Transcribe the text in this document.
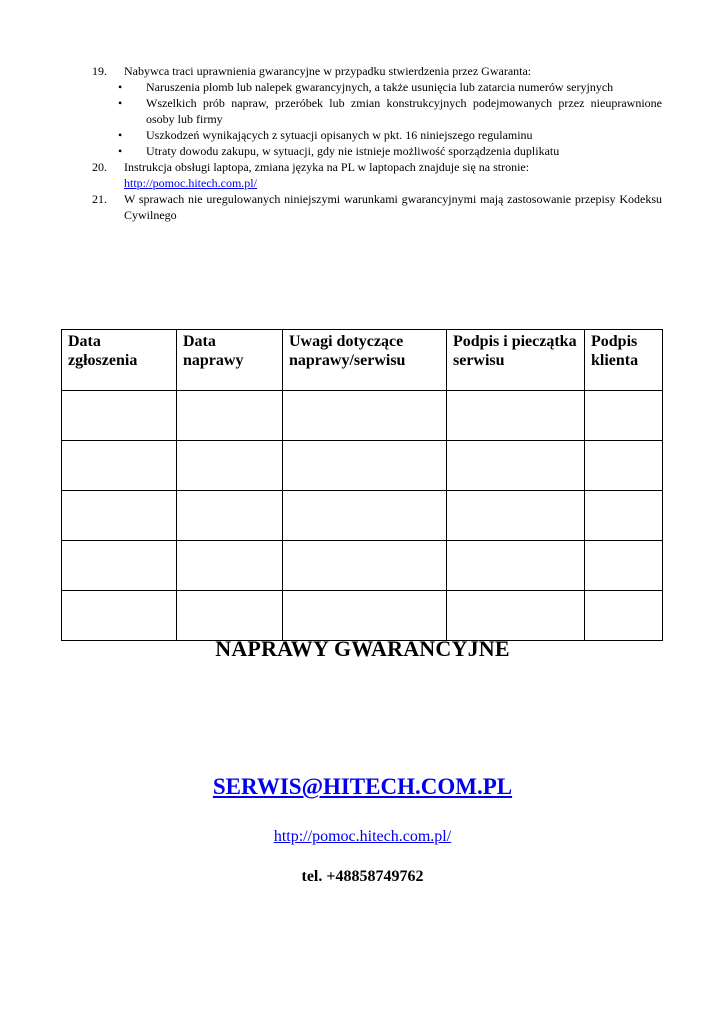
19.	Nabywca traci uprawnienia gwarancyjne w przypadku stwierdzenia przez Gwaranta:
•	Naruszenia plomb lub nalepek gwarancyjnych, a także usunięcia lub zatarcia numerów seryjnych
•	Wszelkich prób napraw, przeróbek lub zmian konstrukcyjnych podejmowanych przez nieuprawnione osoby lub firmy
•	Uszkodzeń wynikających z sytuacji opisanych w pkt. 16 niniejszego regulaminu
•	Utraty dowodu zakupu, w sytuacji, gdy nie istnieje możliwość sporządzenia duplikatu
20.	Instrukcja obsługi laptopa, zmiana języka na PL w laptopach znajduje się na stronie:
http://pomoc.hitech.com.pl/
21.	W sprawach nie uregulowanych niniejszymi warunkami gwarancyjnymi mają zastosowanie przepisy Kodeksu Cywilnego
Data zgłoszenia	Data naprawy	Uwagi dotyczące naprawy/serwisu	Podpis i pieczątka serwisu	Podpis klienta

NAPRAWY GWARANCYJNE
SERWIS@HITECH.COM.PL
http://pomoc.hitech.com.pl/
tel. +48858749762
